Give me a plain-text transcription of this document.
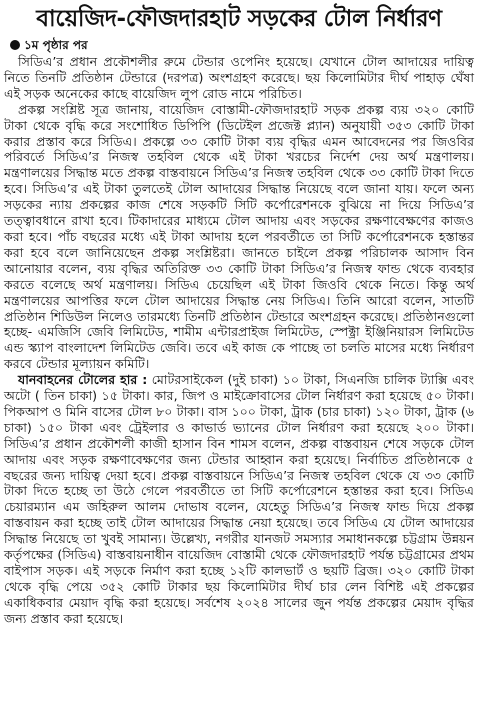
বায়েজিদ-ফৌজদারহাট সড়কের টোল নির্ধারণ
১ম পৃষ্ঠার পর

সিডিএ’র প্রধান প্রকৌশলীর রুমে টেন্ডার ওপেনিং হয়েছে। যেখানে টোল আদায়ের দায়িত্ব নিতে তিনটি প্রতিষ্ঠান টেন্ডারে (দরপত্র) অংশগ্রহণ করেছে। ছয় কিলোমিটার দীর্ঘ পাহাড় ঘেঁষা এই সড়ক অনেকের কাছে বায়েজিদ লুপ রোড নামে পরিচিত।

প্রকল্প সংশ্লিষ্ট সূত্র জানায়, বায়েজিদ বোস্তামী-ফৌজদারহাট সড়ক প্রকল্প ব্যয় ৩২০ কোটি টাকা থেকে বৃদ্ধি করে সংশোধিত ডিপিপি (ডিটেইল প্রজেক্ট প্ল্যান) অনুযায়ী ৩৫৩ কোটি টাকা করার প্রস্তাব করে সিডিএ। প্রকল্পে ৩৩ কোটি টাকা ব্যয় বৃদ্ধির এমন আবেদনের পর জিওবির পরিবর্তে সিডিএ’র নিজস্ব তহবিল থেকে এই টাকা খরচের নির্দেশ দেয় অর্থ মন্ত্রণালয়। মন্ত্রণালয়ের সিদ্ধান্ত মতে প্রকল্প বাস্তবায়নে সিডিএ’র নিজস্ব তহবিল থেকে ৩৩ কোটি টাকা দিতে হবে। সিডিএ’র এই টাকা তুলতেই টোল আদায়ের সিদ্ধান্ত নিয়েছে বলে জানা যায়। ফলে অন্য সড়কের ন্যায় প্রকল্পের কাজ শেষে সড়কটি সিটি কর্পোরেশনকে বুঝিয়ে না দিয়ে সিডিএ’র তত্ত্বাবধানে রাখা হবে। টিকাদারের মাধ্যমে টোল আদায় এবং সড়কের রক্ষণাবেক্ষণের কাজও করা হবে। পাঁচ বছরের মধ্যে এই টাকা আদায় হলে পরবর্তীতে তা সিটি কর্পোরেশনকে হস্তান্তর করা হবে বলে জানিয়েছেন প্রকল্প সংশ্লিষ্টরা। জানতে চাইলে প্রকল্প পরিচালক আসাদ বিন আনোয়ার বলেন, ব্যয় বৃদ্ধির অতিরিক্ত ৩৩ কোটি টাকা সিডিএ’র নিজস্ব ফান্ড থেকে ব্যবহার করতে বলেছে অর্থ মন্ত্রণালয়। সিডিএ চেয়েছিল এই টাকা জিওবি থেকে নিতে। কিন্তু অর্থ মন্ত্রণালয়ের আপত্তির ফলে টোল আদায়ের সিদ্ধান্ত নেয় সিডিএ। তিনি আরো বলেন, সাতটি প্রতিষ্ঠান শিডিউল নিলেও তারমধ্যে তিনটি প্রতিষ্ঠান টেন্ডারে অংশগ্রহন করেছে। প্রতিষ্ঠানগুলো হচ্ছে- এমজিসি জেবি লিমিটেড, শামীম এন্টারপ্রাইজ লিমিটেড, স্পেক্ট্রা ইঞ্জিনিয়ারস লিমিটেড এন্ড স্ক্যাপ বাংলাদেশ লিমিটেড জেবি। তবে এই কাজ কে পাচ্ছে তা চলতি মাসের মধ্যে নির্ধারণ করবে টেন্ডার মূল্যায়ন কমিটি।

যানবাহনের টোলের হার : মোটরসাইকেল (দুই চাকা) ১০ টাকা, সিএনজি চালিক ট্যাক্সি এবং অটো ( তিন চাকা) ১৫ টাকা। কার, জিপ ও মাইক্রোবাসের টোল নির্ধারণ করা হয়েছে ৫০ টাকা। পিকআপ ও মিনি বাসের টোল ৮০ টাকা। বাস ১০০ টাকা, ট্রাক (চার চাকা) ১২০ টাকা, ট্রাক (৬ চাকা) ১৫০ টাকা এবং ট্রেইলার ও কাভার্ড ভ্যানের টোল নির্ধারণ করা হয়েছে ২০০ টাকা। সিডিএ’র প্রধান প্রকৌশলী কাজী হাসান বিন শামস বলেন, প্রকল্প বাস্তবায়ন শেষে সড়কে টোল আদায় এবং সড়ক রক্ষণাবেক্ষণের জন্য টেন্ডার আহ্বান করা হয়েছে। নির্বাচিত প্রতিষ্ঠানকে ৫ বছরের জন্য দায়িত্ব দেয়া হবে। প্রকল্প বাস্তবায়নে সিডিএ’র নিজস্ব তহবিল থেকে যে ৩৩ কোটি টাকা দিতে হচ্ছে তা উঠে গেলে পরবর্তীতে তা সিটি কর্পোরেশনে হস্তান্তর করা হবে। সিডিএ চেয়ারম্যান এম জহিরুল আলম দোভাষ বলেন, যেহেতু সিডিএ’র নিজস্ব ফান্ড দিয়ে প্রকল্প বাস্তবায়ন করা হচ্ছে তাই টোল আদায়ের সিদ্ধান্ত নেয়া হয়েছে। তবে সিডিএ যে টোল আদায়ের সিদ্ধান্ত নিয়েছে তা খুবই সামান্য। উল্লেখ্য, নগরীর যানজট সমস্যার সমাধানকল্পে চট্টগ্রাম উন্নয়ন কর্তৃপক্ষের (সিডিএ) বাস্তবায়নাধীন বায়েজিদ বোস্তামী থেকে ফৌজদারহাট পর্যন্ত চট্টগ্রামের প্রথম বাইপাস সড়ক। এই সড়কে নির্মাণ করা হচ্ছে ১২টি কালভার্ট ও ছয়টি ব্রিজ। ৩২০ কোটি টাকা থেকে বৃদ্ধি পেয়ে ৩৫২ কোটি টাকার ছয় কিলোমিটার দীর্ঘ চার লেন বিশিষ্ট এই প্রকল্পের একাধিকবার মেয়াদ বৃদ্ধি করা হয়েছে। সর্বশেষ ২০২৪ সালের জুন পর্যন্ত প্রকল্পের মেয়াদ বৃদ্ধির জন্য প্রস্তাব করা হয়েছে।
